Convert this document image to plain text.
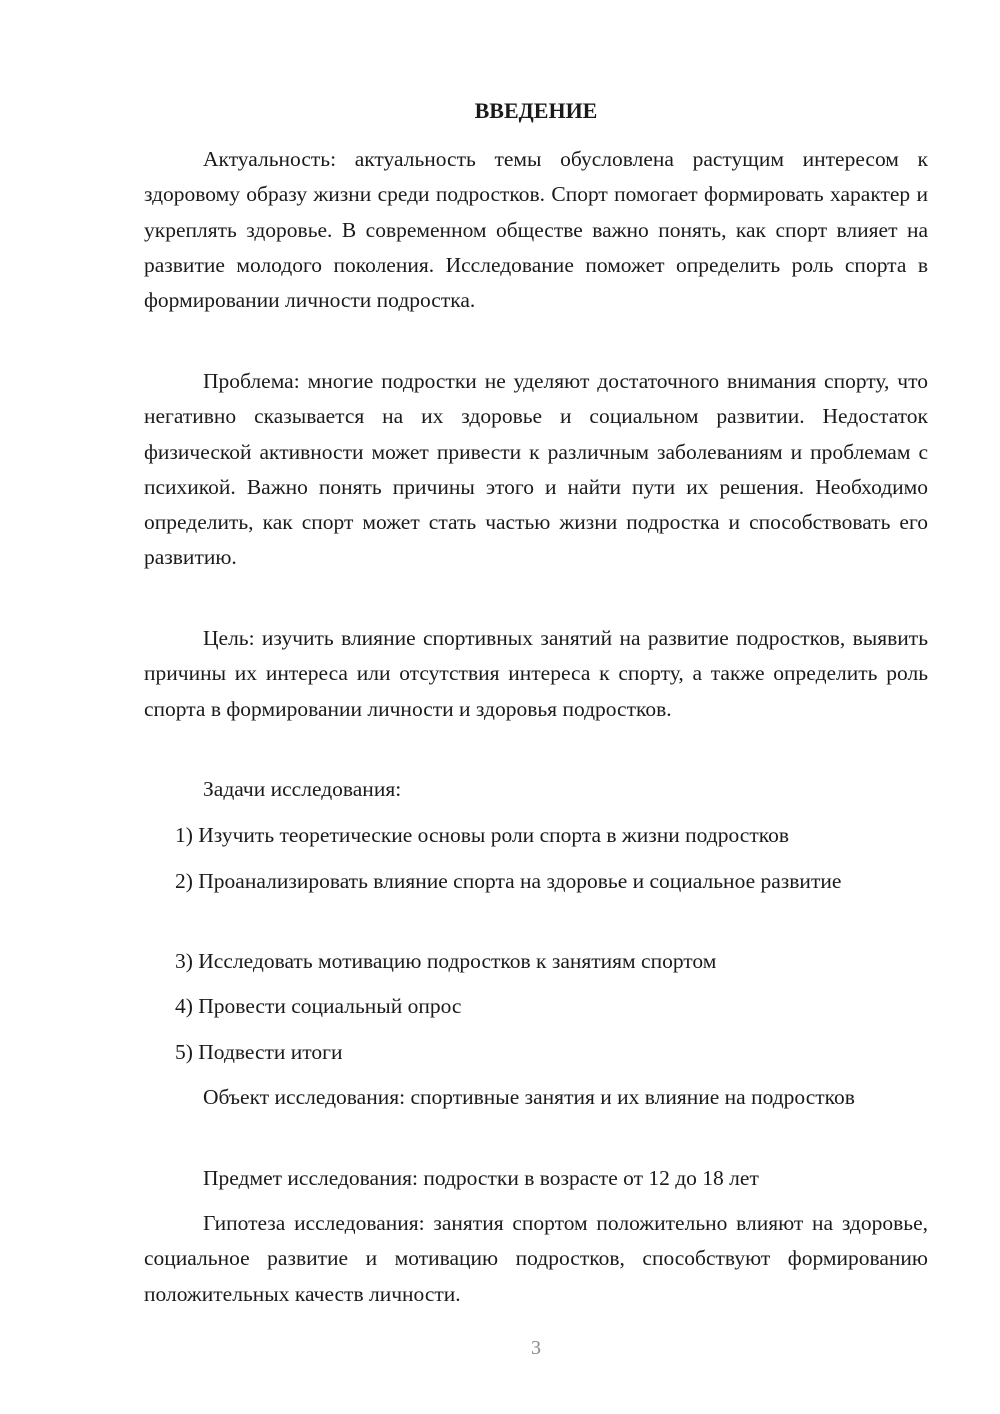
ВВЕДЕНИЕ

Актуальность: актуальность темы обусловлена растущим интересом к здоровому образу жизни среди подростков. Спорт помогает формировать характер и укреплять здоровье. В современном обществе важно понять, как спорт влияет на развитие молодого поколения. Исследование поможет определить роль спорта в формировании личности подростка.

Проблема: многие подростки не уделяют достаточного внимания спорту, что негативно сказывается на их здоровье и социальном развитии. Недостаток физической активности может привести к различным заболеваниям и проблемам с психикой. Важно понять причины этого и найти пути их решения. Необходимо определить, как спорт может стать частью жизни подростка и способствовать его развитию.

Цель: изучить влияние спортивных занятий на развитие подростков, выявить причины их интереса или отсутствия интереса к спорту, а также определить роль спорта в формировании личности и здоровья подростков.

Задачи исследования:

1) Изучить теоретические основы роли спорта в жизни подростков

2) Проанализировать влияние спорта на здоровье и социальное развитие

3) Исследовать мотивацию подростков к занятиям спортом

4) Провести социальный опрос

5) Подвести итоги

Объект исследования: спортивные занятия и их влияние на подростков

Предмет исследования: подростки в возрасте от 12 до 18 лет

Гипотеза исследования: занятия спортом положительно влияют на здоровье, социальное развитие и мотивацию подростков, способствуют формированию положительных качеств личности.

3
